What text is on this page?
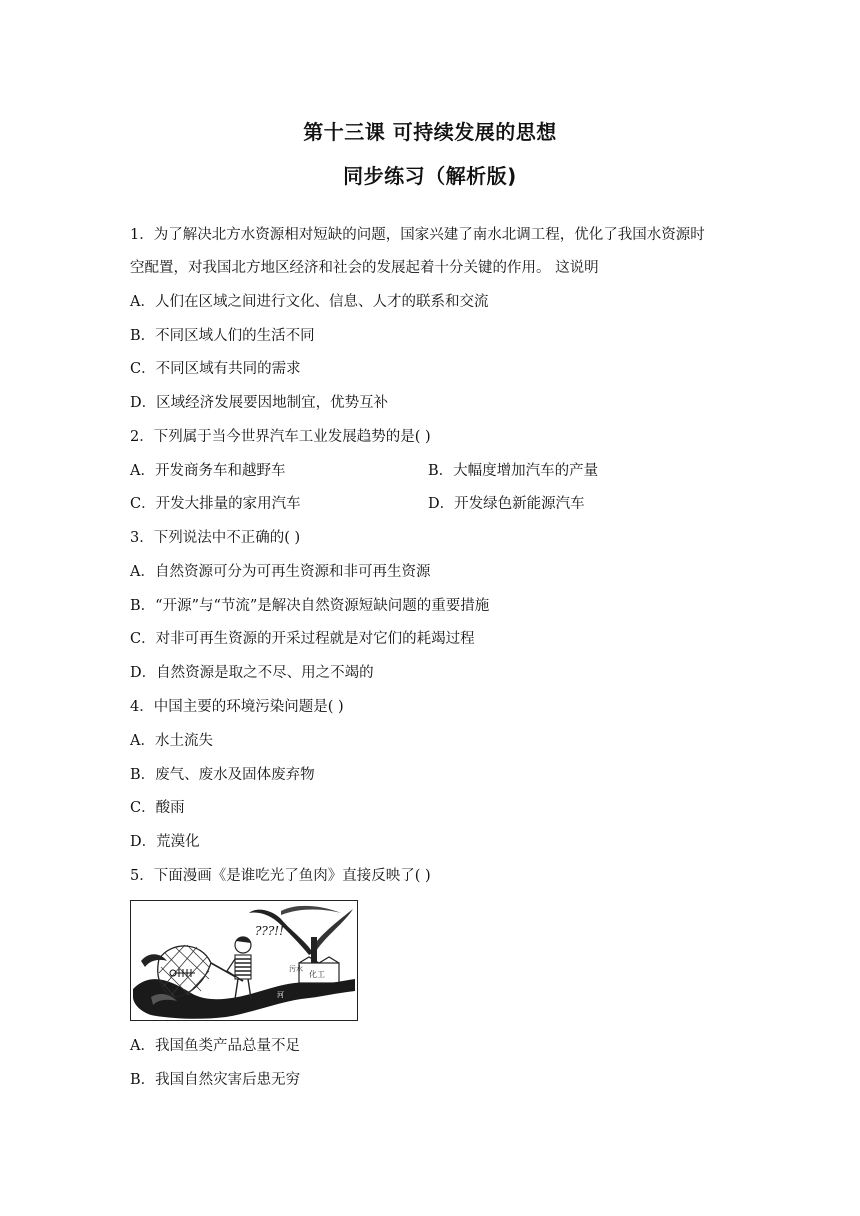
第十三课 可持续发展的思想
同步练习（解析版)
1．为了解决北方水资源相对短缺的问题，国家兴建了南水北调工程，优化了我国水资源时
空配置，对我国北方地区经济和社会的发展起着十分关键的作用。 这说明
A．人们在区域之间进行文化、信息、人才的联系和交流
B．不同区域人们的生活不同
C．不同区域有共同的需求
D．区域经济发展要因地制宜，优势互补
2．下列属于当今世界汽车工业发展趋势的是( )
A．开发商务车和越野车	B．大幅度增加汽车的产量
C．开发大排量的家用汽车	D．开发绿色新能源汽车
3．下列说法中不正确的( )
A．自然资源可分为可再生资源和非可再生资源
B．“开源”与“节流”是解决自然资源短缺问题的重要措施
C．对非可再生资源的开采过程就是对它们的耗竭过程
D．自然资源是取之不尽、用之不竭的
4．中国主要的环境污染问题是( )
A．水土流失
B．废气、废水及固体废弃物
C．酸雨
D．荒漠化
5．下面漫画《是谁吃光了鱼肉》直接反映了( )
化工
污水
河
???!!
A．我国鱼类产品总量不足
B．我国自然灾害后患无穷
